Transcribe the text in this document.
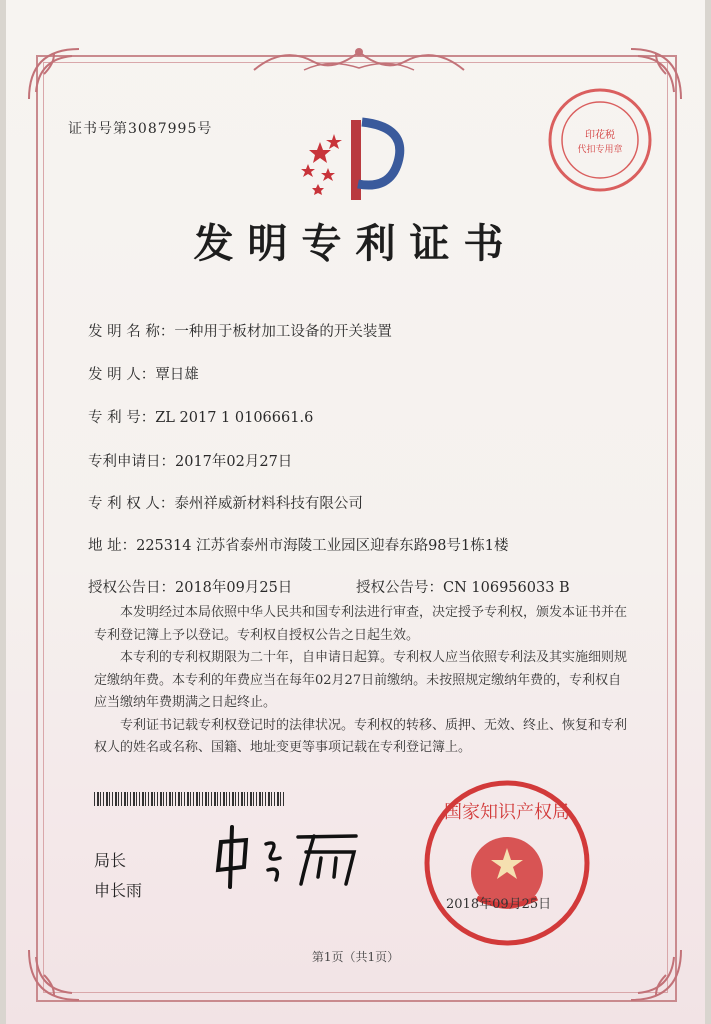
证书号第3087995号
发明专利证书
发 明 名 称：一种用于板材加工设备的开关装置
发 明 人：覃日雄
专 利 号：ZL 2017 1 0106661.6
专利申请日：2017年02月27日
专 利 权 人：泰州祥威新材料科技有限公司
地 址：225314 江苏省泰州市海陵工业园区迎春东路98号1栋1楼
授权公告日：2018年09月25日	授权公告号：CN 106956033 B

本发明经过本局依照中华人民共和国专利法进行审查，决定授予专利权，颁发本证书并在专利登记簿上予以登记。专利权自授权公告之日起生效。

本专利的专利权期限为二十年，自申请日起算。专利权人应当依照专利法及其实施细则规定缴纳年费。本专利的年费应当在每年02月27日前缴纳。未按照规定缴纳年费的，专利权自应当缴纳年费期满之日起终止。

专利证书记载专利权登记时的法律状况。专利权的转移、质押、无效、终止、恢复和专利权人的姓名或名称、国籍、地址变更等事项记载在专利登记簿上。

局长
申长雨
国家知识产权局
2018年09月25日
印花税
代扣专用章
第1页（共1页）
